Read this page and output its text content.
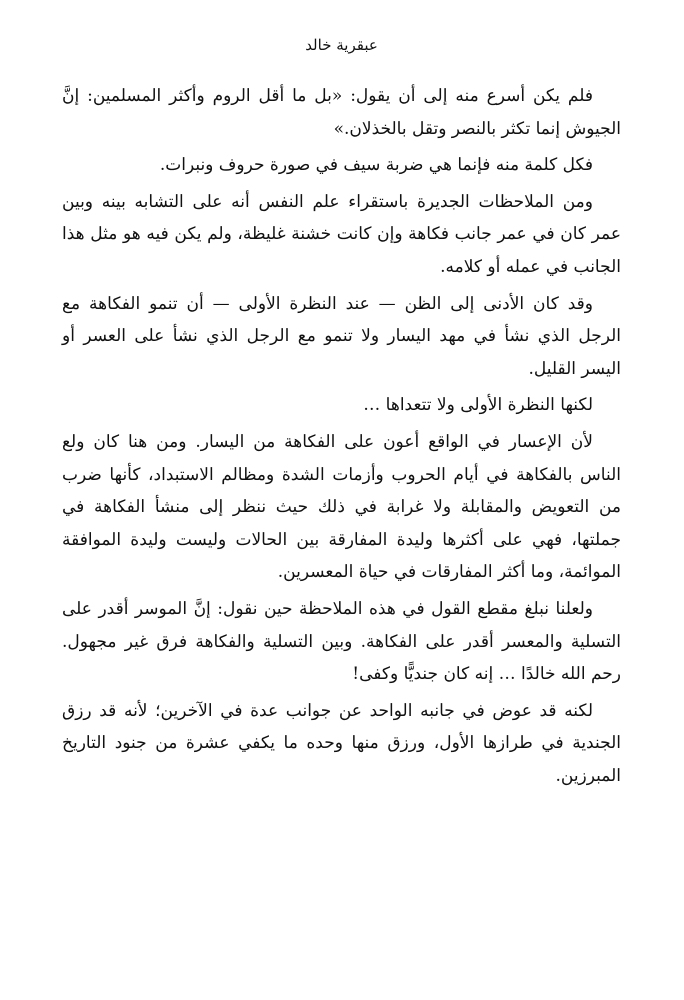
عبقرية خالد

فلم يكن أسرع منه إلى أن يقول: «بل ما أقل الروم وأكثر المسلمين: إنَّ الجيوش إنما تكثر بالنصر وتقل بالخذلان.»

فكل كلمة منه فإنما هي ضربة سيف في صورة حروف ونبرات.

ومن الملاحظات الجديرة باستقراء علم النفس أنه على التشابه بينه وبين عمر كان في عمر جانب فكاهة وإن كانت خشنة غليظة، ولم يكن فيه هو مثل هذا الجانب في عمله أو كلامه.

وقد كان الأدنى إلى الظن — عند النظرة الأولى — أن تنمو الفكاهة مع الرجل الذي نشأ في مهد اليسار ولا تنمو مع الرجل الذي نشأ على العسر أو اليسر القليل.

لكنها النظرة الأولى ولا تتعداها …

لأن الإعسار في الواقع أعون على الفكاهة من اليسار. ومن هنا كان ولع الناس بالفكاهة في أيام الحروب وأزمات الشدة ومظالم الاستبداد، كأنها ضرب من التعويض والمقابلة ولا غرابة في ذلك حيث ننظر إلى منشأ الفكاهة في جملتها، فهي على أكثرها وليدة المفارقة بين الحالات وليست وليدة الموافقة الموائمة، وما أكثر المفارقات في حياة المعسرين.

ولعلنا نبلغ مقطع القول في هذه الملاحظة حين نقول: إنَّ الموسر أقدر على التسلية والمعسر أقدر على الفكاهة. وبين التسلية والفكاهة فرق غير مجهول. رحم الله خالدًا … إنه كان جنديًّا وكفى!

لكنه قد عوض في جانبه الواحد عن جوانب عدة في الآخرين؛ لأنه قد رزق الجندية في طرازها الأول، ورزق منها وحده ما يكفي عشرة من جنود التاريخ المبرزين.
